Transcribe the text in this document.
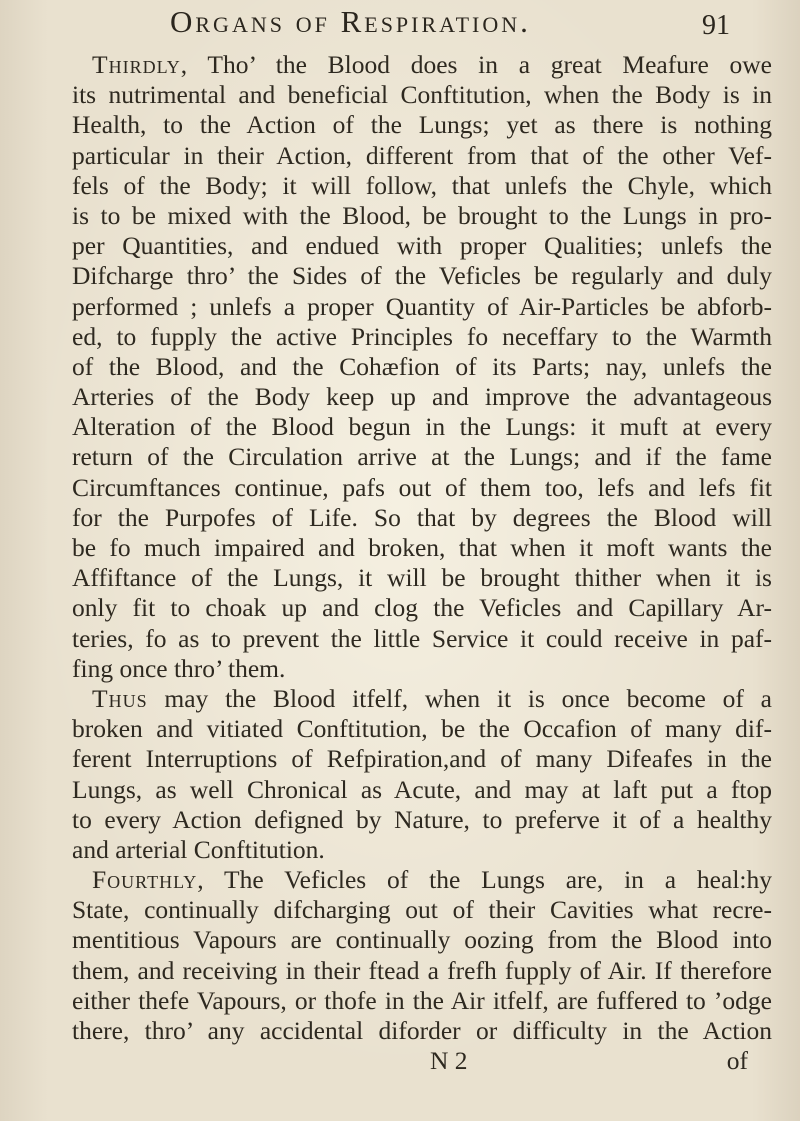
Organs of Respiration.	91
Thirdly, Tho’ the Blood does in a great Meafure owe
its nutrimental and beneficial Conftitution, when the Body is in
Health, to the Action of the Lungs; yet as there is nothing
particular in their Action, different from that of the other Vef-
fels of the Body; it will follow, that unlefs the Chyle, which
is to be mixed with the Blood, be brought to the Lungs in pro-
per Quantities, and endued with proper Qualities; unlefs the
Difcharge thro’ the Sides of the Veficles be regularly and duly
performed ; unlefs a proper Quantity of Air-Particles be abforb-
ed, to fupply the active Principles fo neceffary to the Warmth
of the Blood, and the Cohæfion of its Parts; nay, unlefs the
Arteries of the Body keep up and improve the advantageous
Alteration of the Blood begun in the Lungs: it muft at every
return of the Circulation arrive at the Lungs; and if the fame
Circumftances continue, pafs out of them too, lefs and lefs fit
for the Purpofes of Life. So that by degrees the Blood will
be fo much impaired and broken, that when it moft wants the
Affiftance of the Lungs, it will be brought thither when it is
only fit to choak up and clog the Veficles and Capillary Ar-
teries, fo as to prevent the little Service it could receive in paf-
fing once thro’ them.
Thus may the Blood itfelf, when it is once become of a
broken and vitiated Conftitution, be the Occafion of many dif-
ferent Interruptions of Refpiration,and of many Difeafes in the
Lungs, as well Chronical as Acute, and may at laft put a ftop
to every Action defigned by Nature, to preferve it of a healthy
and arterial Conftitution.
Fourthly, The Veficles of the Lungs are, in a heal:hy
State, continually difcharging out of their Cavities what recre-
mentitious Vapours are continually oozing from the Blood into
them, and receiving in their ftead a frefh fupply of Air. If therefore
either thefe Vapours, or thofe in the Air itfelf, are fuffered to ’odge
there, thro’ any accidental diforder or difficulty in the Action
N 2	of
